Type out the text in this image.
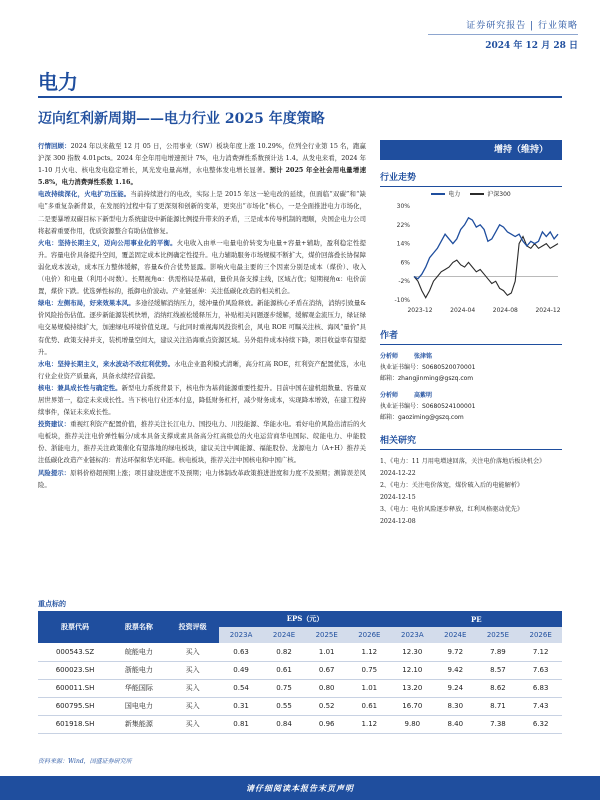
证券研究报告 | 行业策略
2024 年 12 月 28 日
电力
迈向红利新周期——电力行业 2025 年度策略

行情回顾：2024 年以来截至 12 月 05 日，公用事业（SW）板块年度上涨 10.29%，位列全行业第 15 名，跑赢沪深 300 指数 4.01pcts。2024 年全年用电增速预计 7%，电力消费弹性系数预计达 1.4。从发电来看，2024 年 1-10 月火电、核电发电稳定增长，风光发电量高增，水电整体发电增长显著。预计 2025 年全社会用电量增速 5.8%，电力消费弹性系数 1.16。

电改持续深化，火电扩功压能。当前持续进行的电改，实际上是 2015 年这一轮电改的延续，但面临“双碳”和“缺电”多重复杂新背景，在发展的过程中有了更深刻和创新的变革，更突出“市场化”核心，一是全面推进电力市场化，二是要暴增双碳目标下新型电力系统建设中新能源比例提升带来的矛盾，三是成本传导机制的理顺，央国企电力公司将起着重要作用，优质资源整合有助估值修复。

火电：坚持长期主义，迈向公用事业化的平衡。火电收入由单一电量电价转变为电量+容量+辅助，盈利稳定性提升。容量电价具备提升空间，覆盖固定成本比例确定性提升。电力辅助服务市场规模不断扩大，煤价回落叠长协保障弱化成本波动，成本压力整体缓解，容量&价合优势显露。影响火电最主要的三个因素分别是成本（煤价）、收入（电价）和电量（利用小时数）。长期视角α：供需格局是基础，量价具备支撑主线，区域占优；短期视角α：电价前置，煤价下跌。优选弹性标的，抵御电价波动。产业链延伸：关注低碳化改造的相关机会。

绿电：左侧布局，好来效果本风。多途径缓解消纳压力，缓冲量价风险释放。新能源核心矛盾在消纳，消纳引致量&价风险抬伤估值。逐步新能源装机快增，消纳红线被松缓释压力，补贴相关问题逐步缓解，缓解观金流压力，绿证绿电交易规模持续扩大，加速绿电环境价值兑现。与此同时重视海风投资机会，风电 ROE 可瞩关注核、海风“量价”具有优势、政策支持并支，装机增量空间大，建议关注沿海重点资源区域。另外组件成本持续下降，项目收益率有望提升。

水电：坚持长期主义，来水波动不改红利优势。水电企业盈利模式清晰，高分红高 ROE，红利资产配置优选，水电行业企业资产质量高，具备永续经营前提。

核电：兼具成长性与确定性。新型电力系统背景下，核电作为基荷能源重要性提升。目前中国在建机组数量、容量双居世界第一，稳定未来成长性。当下核电行业还本付息，降低财务杠杆，减少财务成本，实现降本增效，在建工程持续事件，保证未来成长性。

投资建议：重视红利资产配置价值，推荐关注长江电力、国投电力、川投能源、华能水电。看好电价风险出清后的火电板块，推荐关注电价弹性幅分/成本具备支撑成素具备高分红高级总的火电运营商华电国际、皖能电力、申能股份、浙能电力，推荐关注政策催化有望落地的绿电板块，建议关注中闽能源、福能股份、龙源电力（A+H）推荐关注低碳化改造产业链标的：青达环保和华光环能。核电板块，推荐关注中国核电和中国广核。

风险提示：原料价格超预期上涨；项目建设进度不及预期；电力体制改革政策推进进度和力度不及预期；测算误差风险。

增持（维持）
行业走势
电力	沪深300
30%
22%
14%
6%
-2%
-10%
2023-12	2024-04	2024-08	2024-12
作者
分析师	张津铭
执业证书编号：S0680520070001
邮箱：zhangjinming@gszq.com
分析师	高紫明
执业证书编号：S0680524100001
邮箱：gaoziming@gszq.com
相关研究
1、《电力：11 月用电增速回落，关注电价落地后板块机会》
2024-12-22
2、《电力：关注电价落宽，煤价破入后的电能解析》
2024-12-15
3、《电力：电价风险逐步释放，红利风格驱动优先》
2024-12-08
重点标的
股票代码	股票名称	投资评级	EPS（元）				PE			
			2023A	2024E	2025E	2026E	2023A	2024E	2025E	2026E
000543.SZ	皖能电力	买入	0.63	0.82	1.01	1.12	12.30	9.72	7.89	7.12
600023.SH	浙能电力	买入	0.49	0.61	0.67	0.75	12.10	9.42	8.57	7.63
600011.SH	华能国际	买入	0.54	0.75	0.80	1.01	13.20	9.24	8.62	6.83
600795.SH	国电电力	买入	0.31	0.55	0.52	0.61	16.70	8.30	8.71	7.43
601918.SH	新集能源	买入	0.81	0.84	0.96	1.12	9.80	8.40	7.38	6.32
资料来源：Wind，国盛证券研究所
请仔细阅读本报告末页声明
